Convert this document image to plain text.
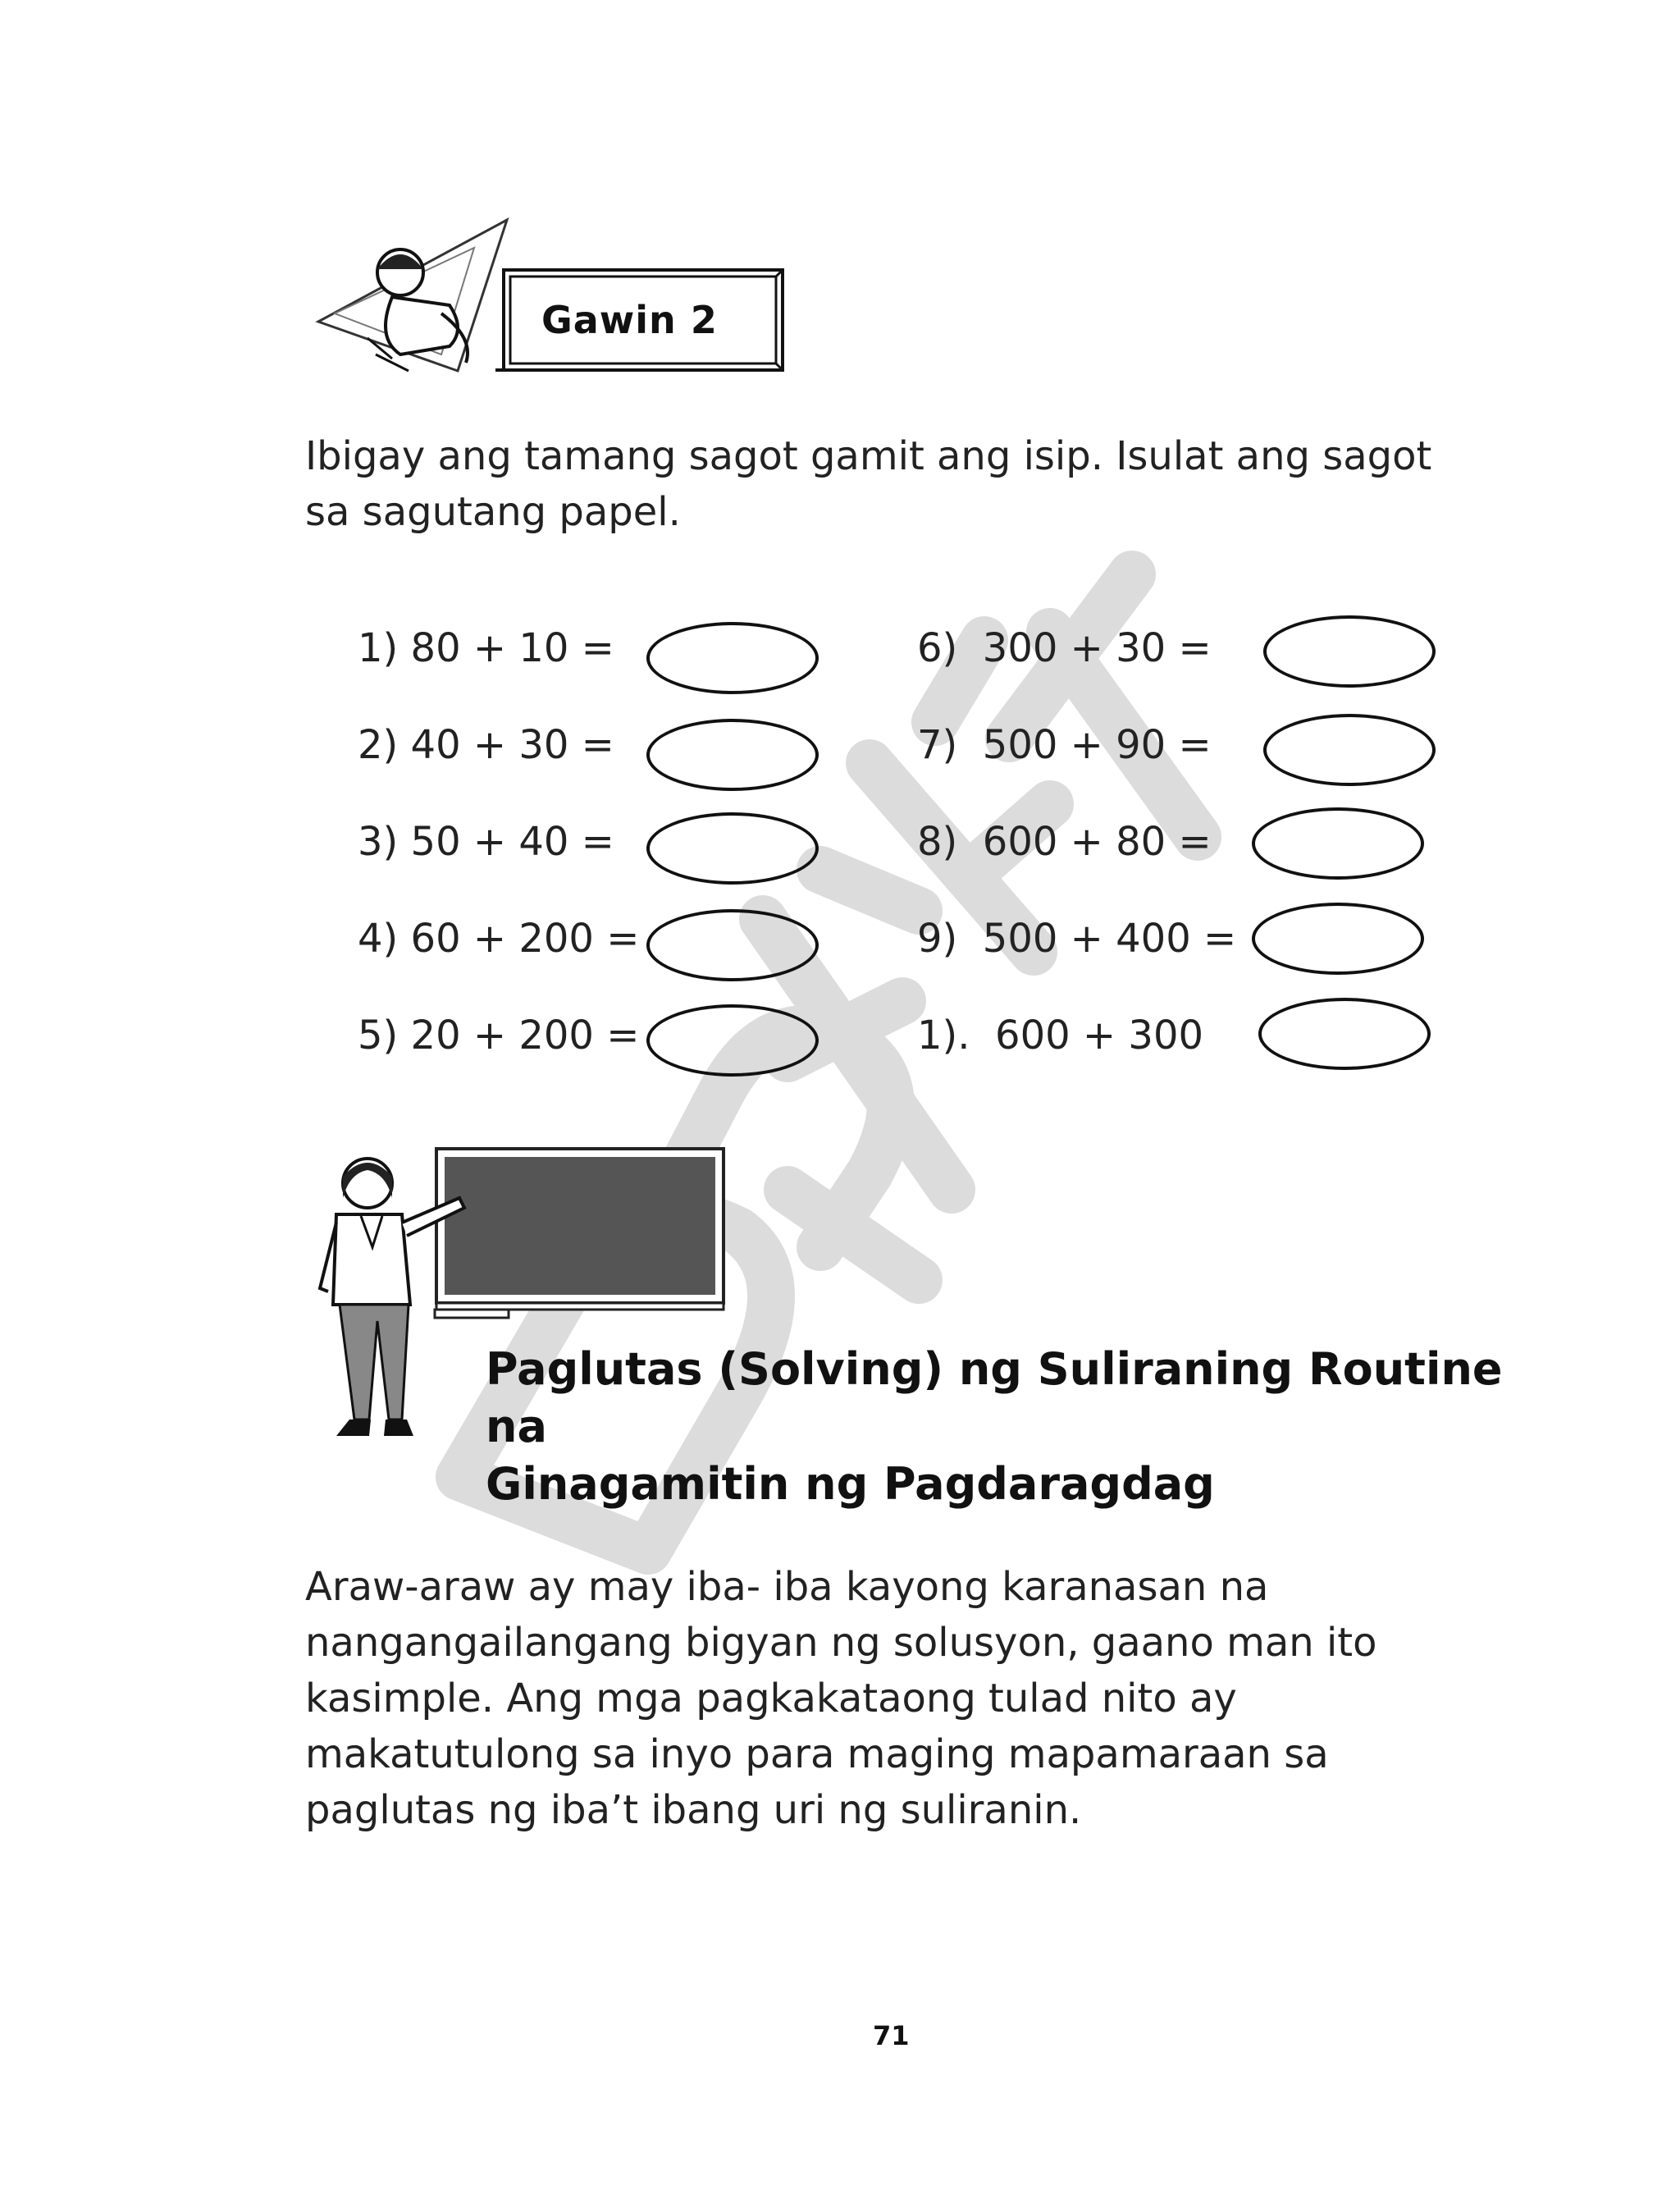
Gawin 2
Ibigay ang tamang sagot gamit ang isip. Isulat ang sagot sa sagutang papel.
1) 80 + 10 =
2) 40 + 30 =
3) 50 + 40 =
4) 60 + 200 =
5) 20 + 200 =
6) 300 + 30 =
7) 500 + 90 =
8) 600 + 80 =
9) 500 + 400 =
1). 600 + 300
Paglutas (Solving) ng Suliraning Routine na
Ginagamitin ng Pagdaragdag
Araw-araw ay may iba- iba kayong karanasan na nangangailangang bigyan ng solusyon, gaano man ito kasimple. Ang mga pagkakataong tulad nito ay makatutulong sa inyo para maging mapamaraan sa paglutas ng iba’t ibang uri ng suliranin.
71
